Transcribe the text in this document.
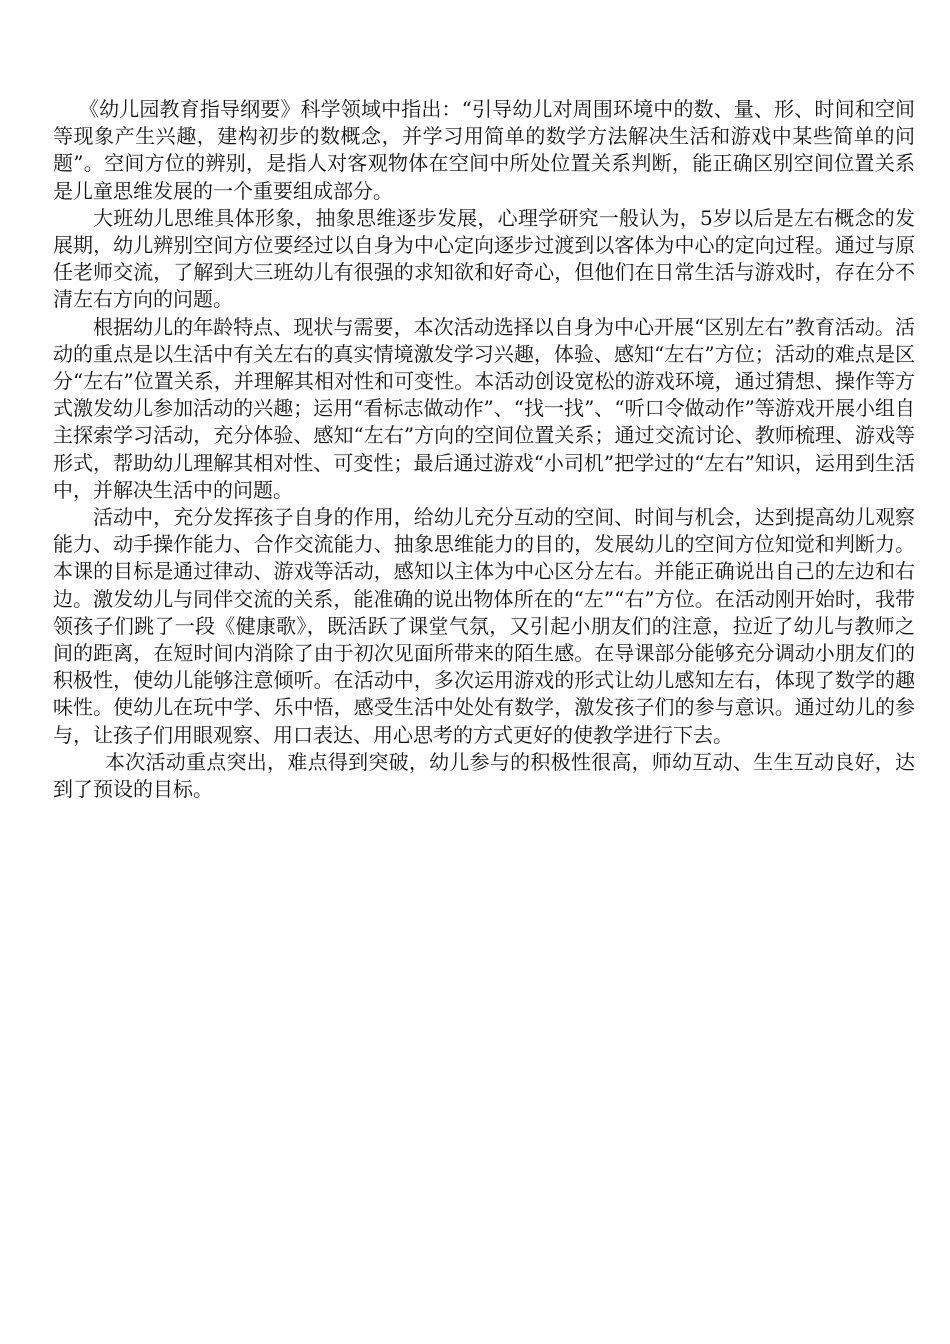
《幼儿园教育指导纲要》科学领域中指出：“引导幼儿对周围环境中的数、量、形、时间和空间等现象产生兴趣，建构初步的数概念，并学习用简单的数学方法解决生活和游戏中某些简单的问题”。空间方位的辨别，是指人对客观物体在空间中所处位置关系判断，能正确区别空间位置关系是儿童思维发展的一个重要组成部分。

大班幼儿思维具体形象，抽象思维逐步发展，心理学研究一般认为，5岁以后是左右概念的发展期，幼儿辨别空间方位要经过以自身为中心定向逐步过渡到以客体为中心的定向过程。通过与原任老师交流，了解到大三班幼儿有很强的求知欲和好奇心，但他们在日常生活与游戏时，存在分不清左右方向的问题。

根据幼儿的年龄特点、现状与需要，本次活动选择以自身为中心开展“区别左右”教育活动。活动的重点是以生活中有关左右的真实情境激发学习兴趣，体验、感知“左右”方位；活动的难点是区分“左右”位置关系，并理解其相对性和可变性。本活动创设宽松的游戏环境，通过猜想、操作等方式激发幼儿参加活动的兴趣；运用“看标志做动作”、“找一找”、“听口令做动作”等游戏开展小组自主探索学习活动，充分体验、感知“左右”方向的空间位置关系；通过交流讨论、教师梳理、游戏等形式，帮助幼儿理解其相对性、可变性；最后通过游戏“小司机”把学过的“左右”知识，运用到生活中，并解决生活中的问题。

活动中，充分发挥孩子自身的作用，给幼儿充分互动的空间、时间与机会，达到提高幼儿观察能力、动手操作能力、合作交流能力、抽象思维能力的目的，发展幼儿的空间方位知觉和判断力。本课的目标是通过律动、游戏等活动，感知以主体为中心区分左右。并能正确说出自己的左边和右边。激发幼儿与同伴交流的关系，能准确的说出物体所在的“左”“右”方位。在活动刚开始时，我带领孩子们跳了一段《健康歌》，既活跃了课堂气氛，又引起小朋友们的注意，拉近了幼儿与教师之间的距离，在短时间内消除了由于初次见面所带来的陌生感。在导课部分能够充分调动小朋友们的积极性，使幼儿能够注意倾听。在活动中，多次运用游戏的形式让幼儿感知左右，体现了数学的趣味性。使幼儿在玩中学、乐中悟，感受生活中处处有数学，激发孩子们的参与意识。通过幼儿的参与，让孩子们用眼观察、用口表达、用心思考的方式更好的使教学进行下去。

本次活动重点突出，难点得到突破，幼儿参与的积极性很高，师幼互动、生生互动良好，达到了预设的目标。
